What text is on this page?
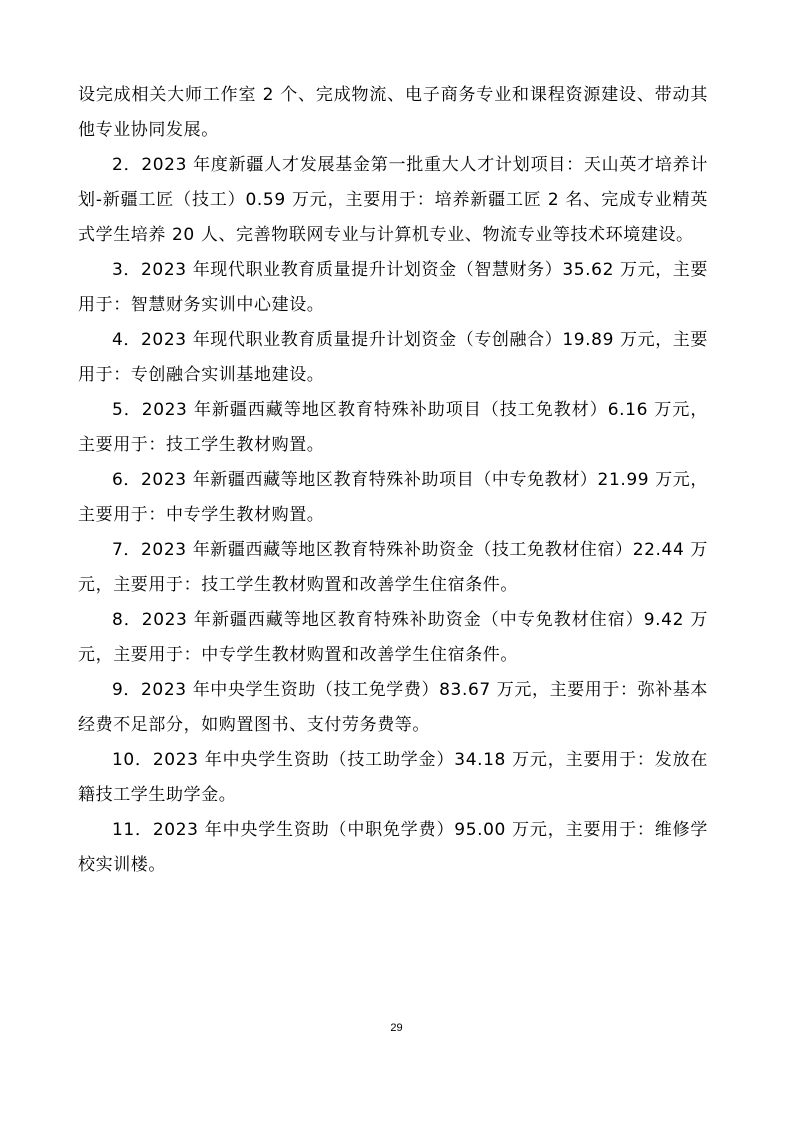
设完成相关大师工作室 2 个、完成物流、电子商务专业和课程资源建设、带动其他专业协同发展。

2．2023 年度新疆人才发展基金第一批重大人才计划项目：天山英才培养计划-新疆工匠（技工）0.59 万元，主要用于：培养新疆工匠 2 名、完成专业精英式学生培养 20 人、完善物联网专业与计算机专业、物流专业等技术环境建设。

3．2023 年现代职业教育质量提升计划资金（智慧财务）35.62 万元，主要用于：智慧财务实训中心建设。

4．2023 年现代职业教育质量提升计划资金（专创融合）19.89 万元，主要用于：专创融合实训基地建设。

5．2023 年新疆西藏等地区教育特殊补助项目（技工免教材）6.16 万元，主要用于：技工学生教材购置。

6．2023 年新疆西藏等地区教育特殊补助项目（中专免教材）21.99 万元，主要用于：中专学生教材购置。

7．2023 年新疆西藏等地区教育特殊补助资金（技工免教材住宿）22.44 万元，主要用于：技工学生教材购置和改善学生住宿条件。

8．2023 年新疆西藏等地区教育特殊补助资金（中专免教材住宿）9.42 万元，主要用于：中专学生教材购置和改善学生住宿条件。

9．2023 年中央学生资助（技工免学费）83.67 万元，主要用于：弥补基本经费不足部分，如购置图书、支付劳务费等。

10．2023 年中央学生资助（技工助学金）34.18 万元，主要用于：发放在籍技工学生助学金。

11．2023 年中央学生资助（中职免学费）95.00 万元，主要用于：维修学校实训楼。

29
